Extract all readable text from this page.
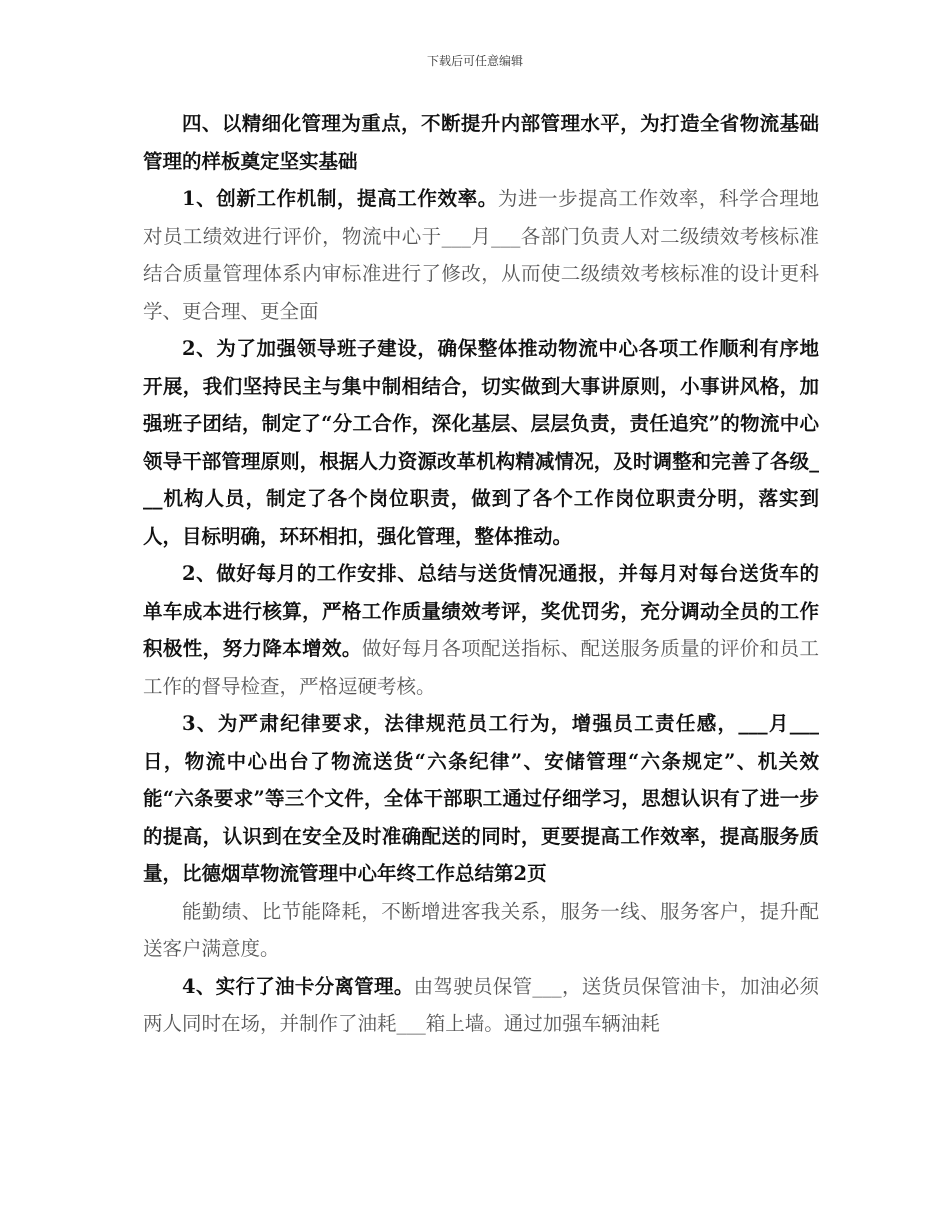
下载后可任意编辑

四、以精细化管理为重点，不断提升内部管理水平，为打造全省物流基础管理的样板奠定坚实基础

1、创新工作机制，提高工作效率。为进一步提高工作效率，科学合理地对员工绩效进行评价，物流中心于___月___各部门负责人对二级绩效考核标准结合质量管理体系内审标准进行了修改，从而使二级绩效考核标准的设计更科学、更合理、更全面

2、为了加强领导班子建设，确保整体推动物流中心各项工作顺利有序地开展，我们坚持民主与集中制相结合，切实做到大事讲原则，小事讲风格，加强班子团结，制定了“分工合作，深化基层、层层负责，责任追究”的物流中心领导干部管理原则，根据人力资源改革机构精减情况，及时调整和完善了各级___机构人员，制定了各个岗位职责，做到了各个工作岗位职责分明，落实到人，目标明确，环环相扣，强化管理，整体推动。

2、做好每月的工作安排、总结与送货情况通报，并每月对每台送货车的单车成本进行核算，严格工作质量绩效考评，奖优罚劣，充分调动全员的工作积极性，努力降本增效。做好每月各项配送指标、配送服务质量的评价和员工工作的督导检查，严格逗硬考核。

3、为严肃纪律要求，法律规范员工行为，增强员工责任感，___月___日，物流中心出台了物流送货“六条纪律”、安储管理“六条规定”、机关效能“六条要求”等三个文件，全体干部职工通过仔细学习，思想认识有了进一步的提高，认识到在安全及时准确配送的同时，更要提高工作效率，提高服务质量，比德烟草物流管理中心年终工作总结第2页

能勤绩、比节能降耗，不断增进客我关系，服务一线、服务客户，提升配送客户满意度。

4、实行了油卡分离管理。由驾驶员保管___，送货员保管油卡，加油必须两人同时在场，并制作了油耗___箱上墙。通过加强车辆油耗
